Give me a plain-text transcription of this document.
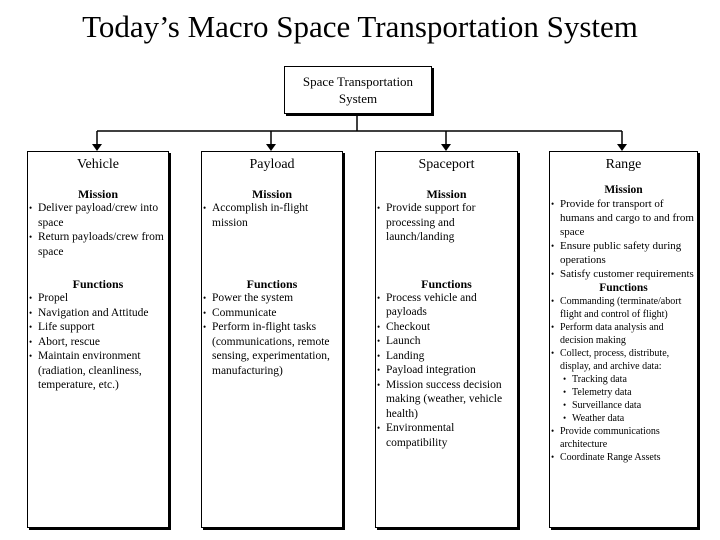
Today’s Macro Space Transportation System
Space Transportation
System
Vehicle
Mission
• Deliver payload/crew into space
• Return payloads/crew from space
Functions
• Propel
• Navigation and Attitude
• Life support
• Abort, rescue
• Maintain environment (radiation, cleanliness, temperature, etc.)
Payload
Mission
• Accomplish in-flight mission
Functions
• Power the system
• Communicate
• Perform in-flight tasks (communications, remote sensing, experimentation, manufacturing)
Spaceport
Mission
• Provide support for processing and launch/landing
Functions
• Process vehicle and payloads
• Checkout
• Launch
• Landing
• Payload integration
• Mission success decision making (weather, vehicle health)
• Environmental compatibility
Range
Mission
• Provide for transport of humans and cargo to and from space
• Ensure public safety during operations
• Satisfy customer requirements
Functions
• Commanding (terminate/abort flight and control of flight)
• Perform data analysis and decision making
• Collect, process, distribute, display, and archive data:
• Tracking data
• Telemetry data
• Surveillance data
• Weather data
• Provide communications architecture
• Coordinate Range Assets
